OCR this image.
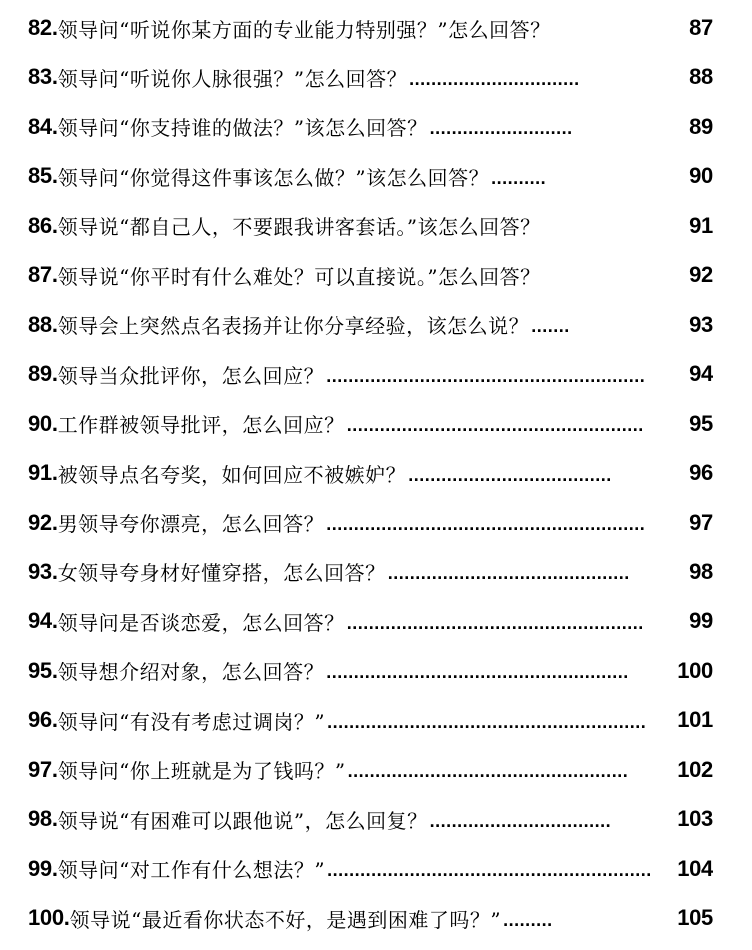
82. 领导问“听说你某方面的专业能力特别强？”怎么回答？	87
83. 领导问“听说你人脉很强？”怎么回答？ ...............................	88
84. 领导问“你支持谁的做法？”该怎么回答？ ..........................	89
85. 领导问“你觉得这件事该怎么做？”该怎么回答？ ..........	90
86. 领导说“都自己人，不要跟我讲客套话。”该怎么回答？	91
87. 领导说“你平时有什么难处？可以直接说。”怎么回答？	92
88. 领导会上突然点名表扬并让你分享经验，该怎么说？ .......	93
89. 领导当众批评你，怎么回应？ ..........................................................	94
90. 工作群被领导批评，怎么回应？ ......................................................	95
91. 被领导点名夸奖，如何回应不被嫉妒？ .....................................	96
92. 男领导夸你漂亮，怎么回答？ ..........................................................	97
93. 女领导夸身材好懂穿搭，怎么回答？ ............................................	98
94. 领导问是否谈恋爱，怎么回答？ ......................................................	99
95. 领导想介绍对象，怎么回答？ .......................................................	100
96. 领导问“有没有考虑过调岗？” ..........................................................	101
97. 领导问“你上班就是为了钱吗？” ...................................................	102
98. 领导说“有困难可以跟他说”，怎么回复？ .................................	103
99. 领导问“对工作有什么想法？” ...........................................................	104
100. 领导说“最近看你状态不好，是遇到困难了吗？” .........	105
